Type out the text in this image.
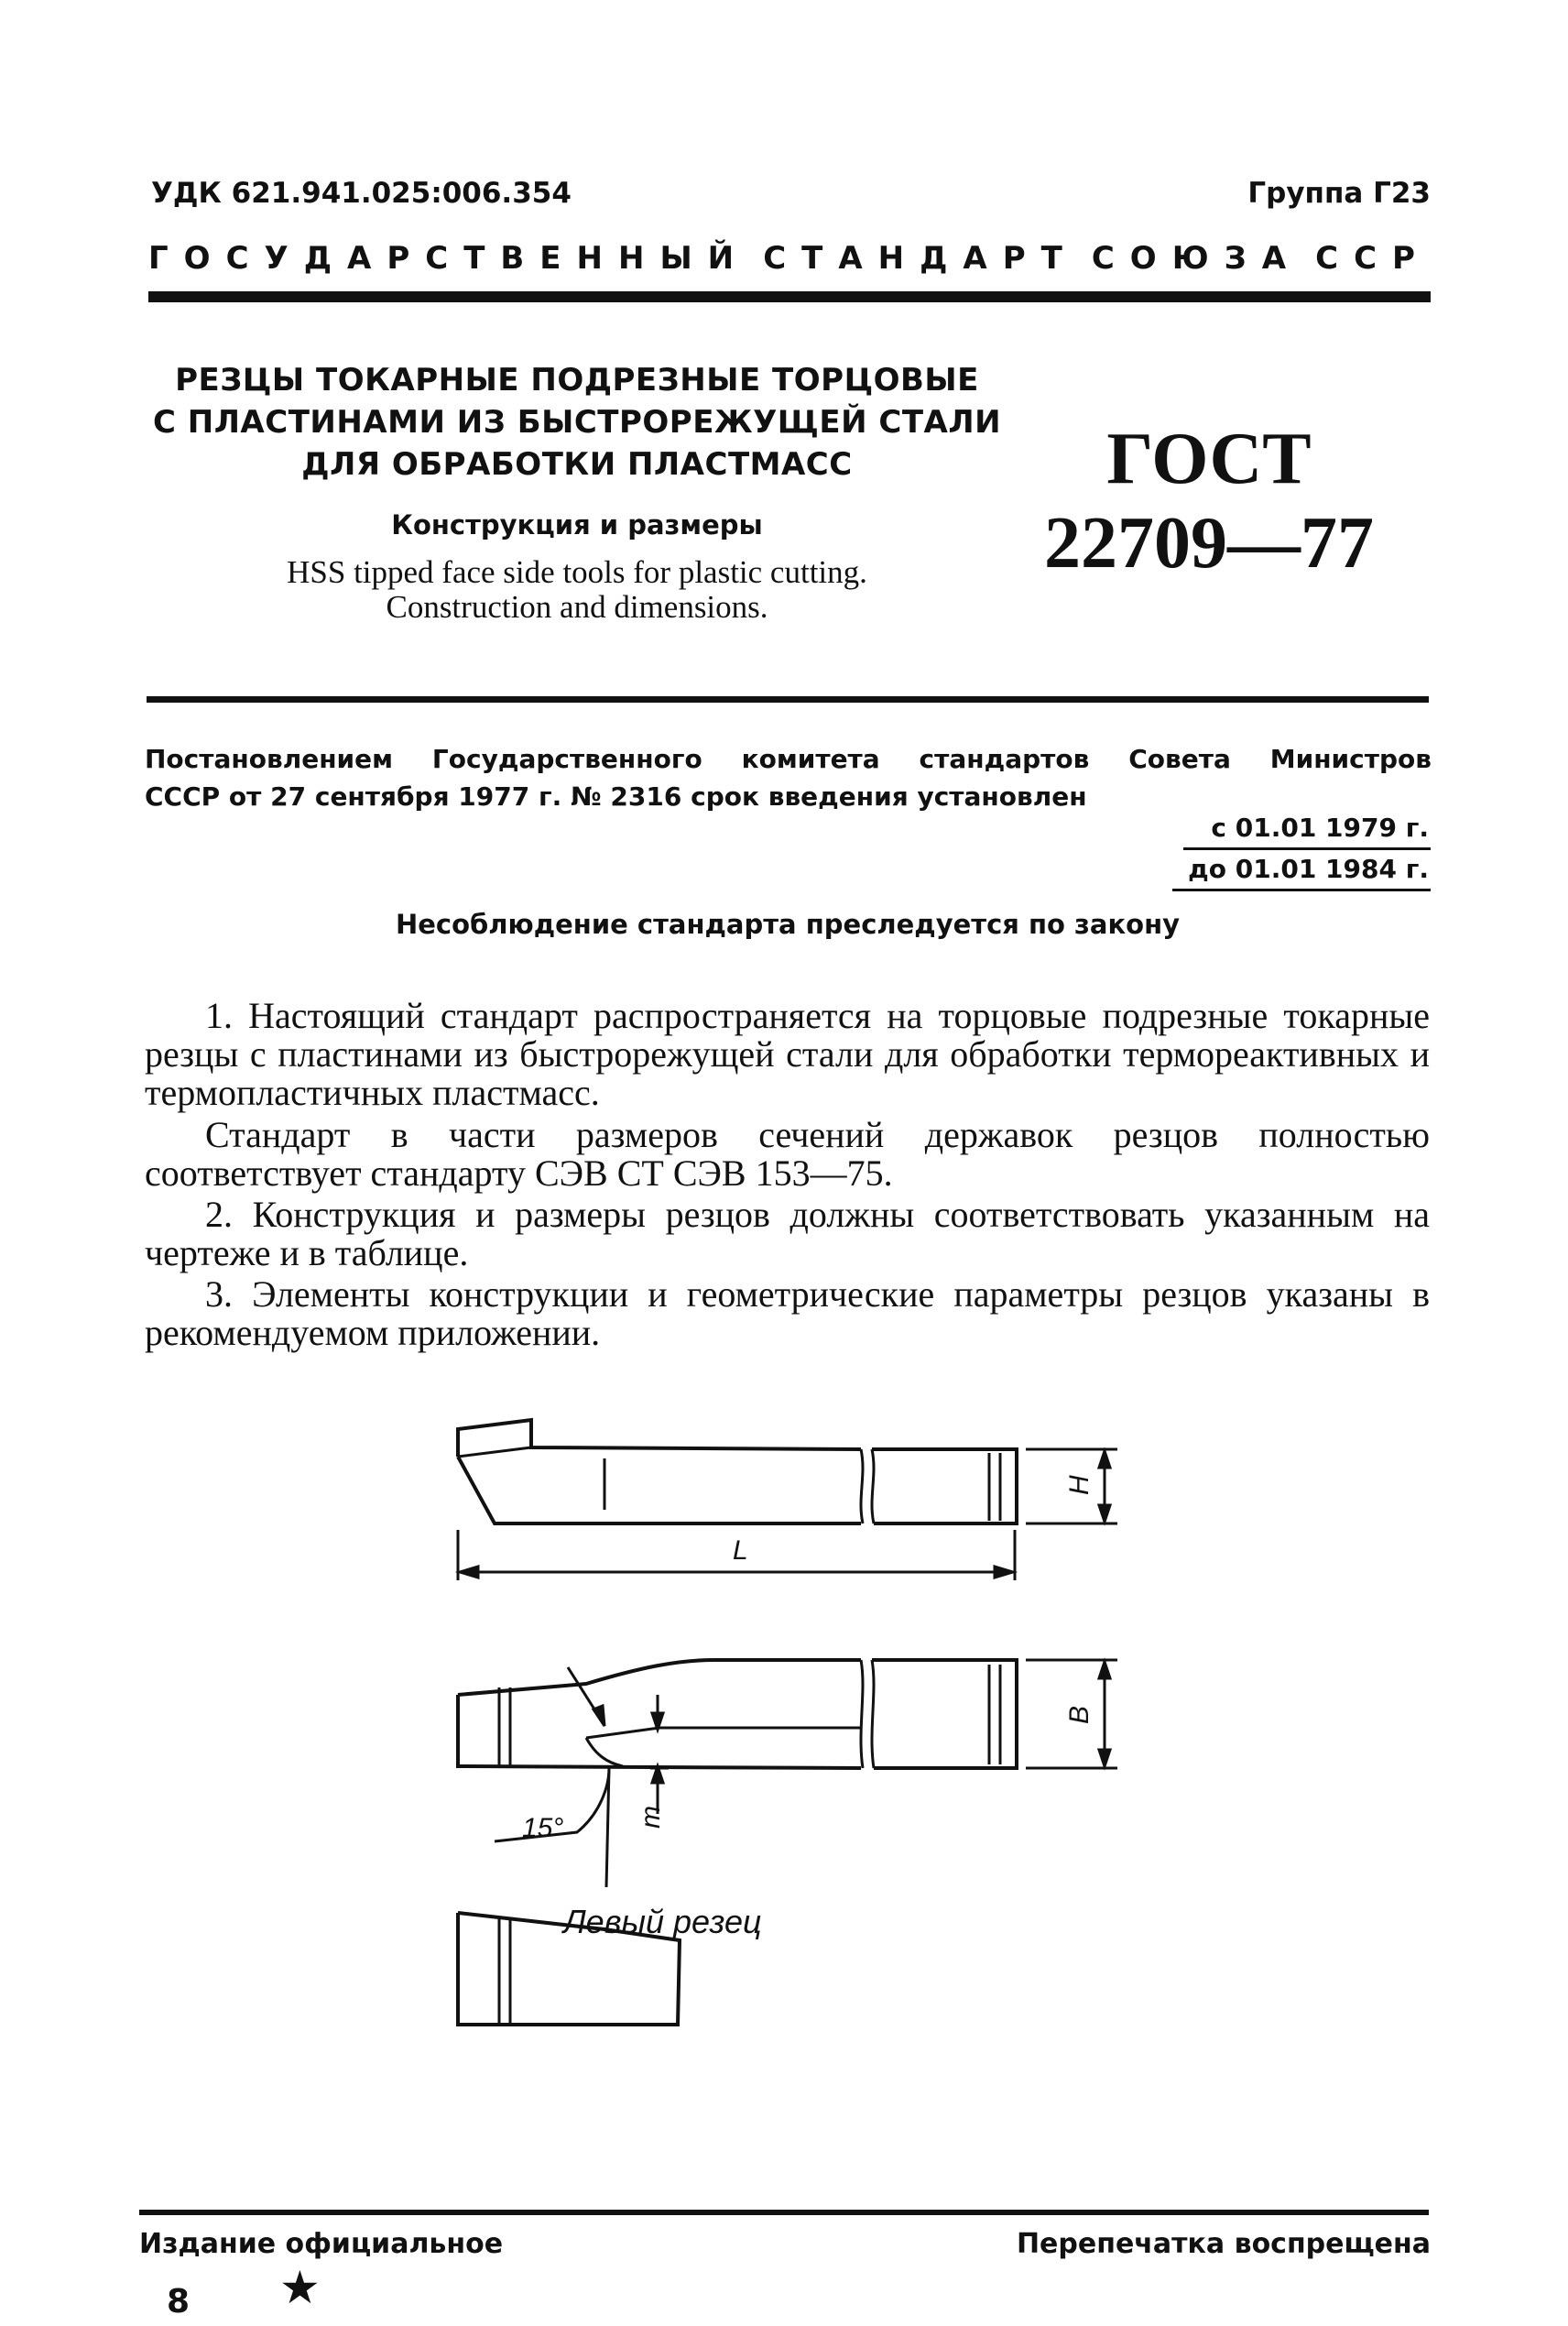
УДК 621.941.025:006.354	Группа Г23
ГОСУДАРСТВЕННЫЙ СТАНДАРТ СОЮЗА ССР
РЕЗЦЫ ТОКАРНЫЕ ПОДРЕЗНЫЕ ТОРЦОВЫЕ
С ПЛАСТИНАМИ ИЗ БЫСТРОРЕЖУЩЕЙ СТАЛИ
ДЛЯ ОБРАБОТКИ ПЛАСТМАСС
Конструкция и размеры
HSS tipped face side tools for plastic cutting.
Construction and dimensions.
ГОСТ
22709—77
Постановлением Государственного комитета стандартов Совета Министров
СССР от 27 сентября 1977 г. № 2316 срок введения установлен
с 01.01 1979 г.
до 01.01 1984 г.
Несоблюдение стандарта преследуется по закону
1. Настоящий стандарт распространяется на торцовые подрезные токарные резцы с пластинами из быстрорежущей стали для обработки термореактивных и термопластичных пластмасс.
Стандарт в части размеров сечений державок резцов полностью соответствует стандарту СЭВ СТ СЭВ 153—75.
2. Конструкция и размеры резцов должны соответствовать указанным на чертеже и в таблице.
3. Элементы конструкции и геометрические параметры резцов указаны в рекомендуемом приложении.
H
L
B
15°	m
Левый резец
Издание официальное	Перепечатка воспрещена
★
8
